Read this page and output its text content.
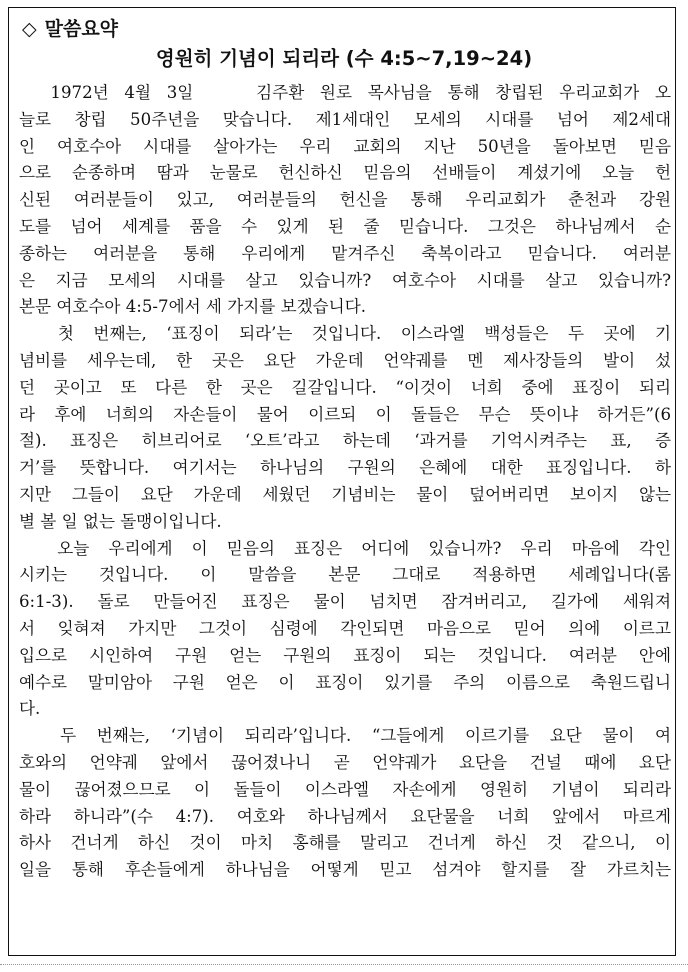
◇ 말씀요약
영원히 기념이 되리라 (수 4:5~7,19~24)
1972년 4월 3일    김주환 원로 목사님을 통해 창립된 우리교회가 오
늘로 창립 50주년을 맞습니다. 제1세대인 모세의 시대를 넘어 제2세대
인 여호수아 시대를 살아가는 우리 교회의 지난 50년을 돌아보면 믿음
으로 순종하며 땀과 눈물로 헌신하신 믿음의 선배들이 계셨기에 오늘 헌
신된 여러분들이 있고, 여러분들의 헌신을 통해 우리교회가 춘천과 강원
도를 넘어 세계를 품을 수 있게 된 줄 믿습니다. 그것은 하나님께서 순
종하는 여러분을 통해 우리에게 맡겨주신 축복이라고 믿습니다. 여러분
은 지금 모세의 시대를 살고 있습니까? 여호수아 시대를 살고 있습니까?
본문 여호수아 4:5-7에서 세 가지를 보겠습니다.
첫 번째는, ‘표징이 되라’는 것입니다. 이스라엘 백성들은 두 곳에 기
념비를 세우는데, 한 곳은 요단 가운데 언약궤를 멘 제사장들의 발이 섰
던 곳이고 또 다른 한 곳은 길갈입니다. “이것이 너희 중에 표징이 되리
라 후에 너희의 자손들이 물어 이르되 이 돌들은 무슨 뜻이냐 하거든”(6
절). 표징은 히브리어로 ‘오트’라고 하는데 ‘과거를 기억시켜주는 표, 증
거’를 뜻합니다. 여기서는 하나님의 구원의 은혜에 대한 표징입니다. 하
지만 그들이 요단 가운데 세웠던 기념비는 물이 덮어버리면 보이지 않는
별 볼 일 없는 돌맹이입니다.
오늘 우리에게 이 믿음의 표징은 어디에 있습니까? 우리 마음에 각인
시키는 것입니다. 이 말씀을 본문 그대로 적용하면 세례입니다(롬
6:1-3). 돌로 만들어진 표징은 물이 넘치면 잠겨버리고, 길가에 세워져
서 잊혀져 가지만 그것이 심령에 각인되면 마음으로 믿어 의에 이르고
입으로 시인하여 구원 얻는 구원의 표징이 되는 것입니다. 여러분 안에
예수로 말미암아 구원 얻은 이 표징이 있기를 주의 이름으로 축원드립니
다.
두 번째는, ‘기념이 되리라’입니다. “그들에게 이르기를 요단 물이 여
호와의 언약궤 앞에서 끊어졌나니 곧 언약궤가 요단을 건널 때에 요단
물이 끊어졌으므로 이 돌들이 이스라엘 자손에게 영원히 기념이 되리라
하라 하니라”(수 4:7). 여호와 하나님께서 요단물을 너희 앞에서 마르게
하사 건너게 하신 것이 마치 홍해를 말리고 건너게 하신 것 같으니, 이
일을 통해 후손들에게 하나님을 어떻게 믿고 섬겨야 할지를 잘 가르치는
